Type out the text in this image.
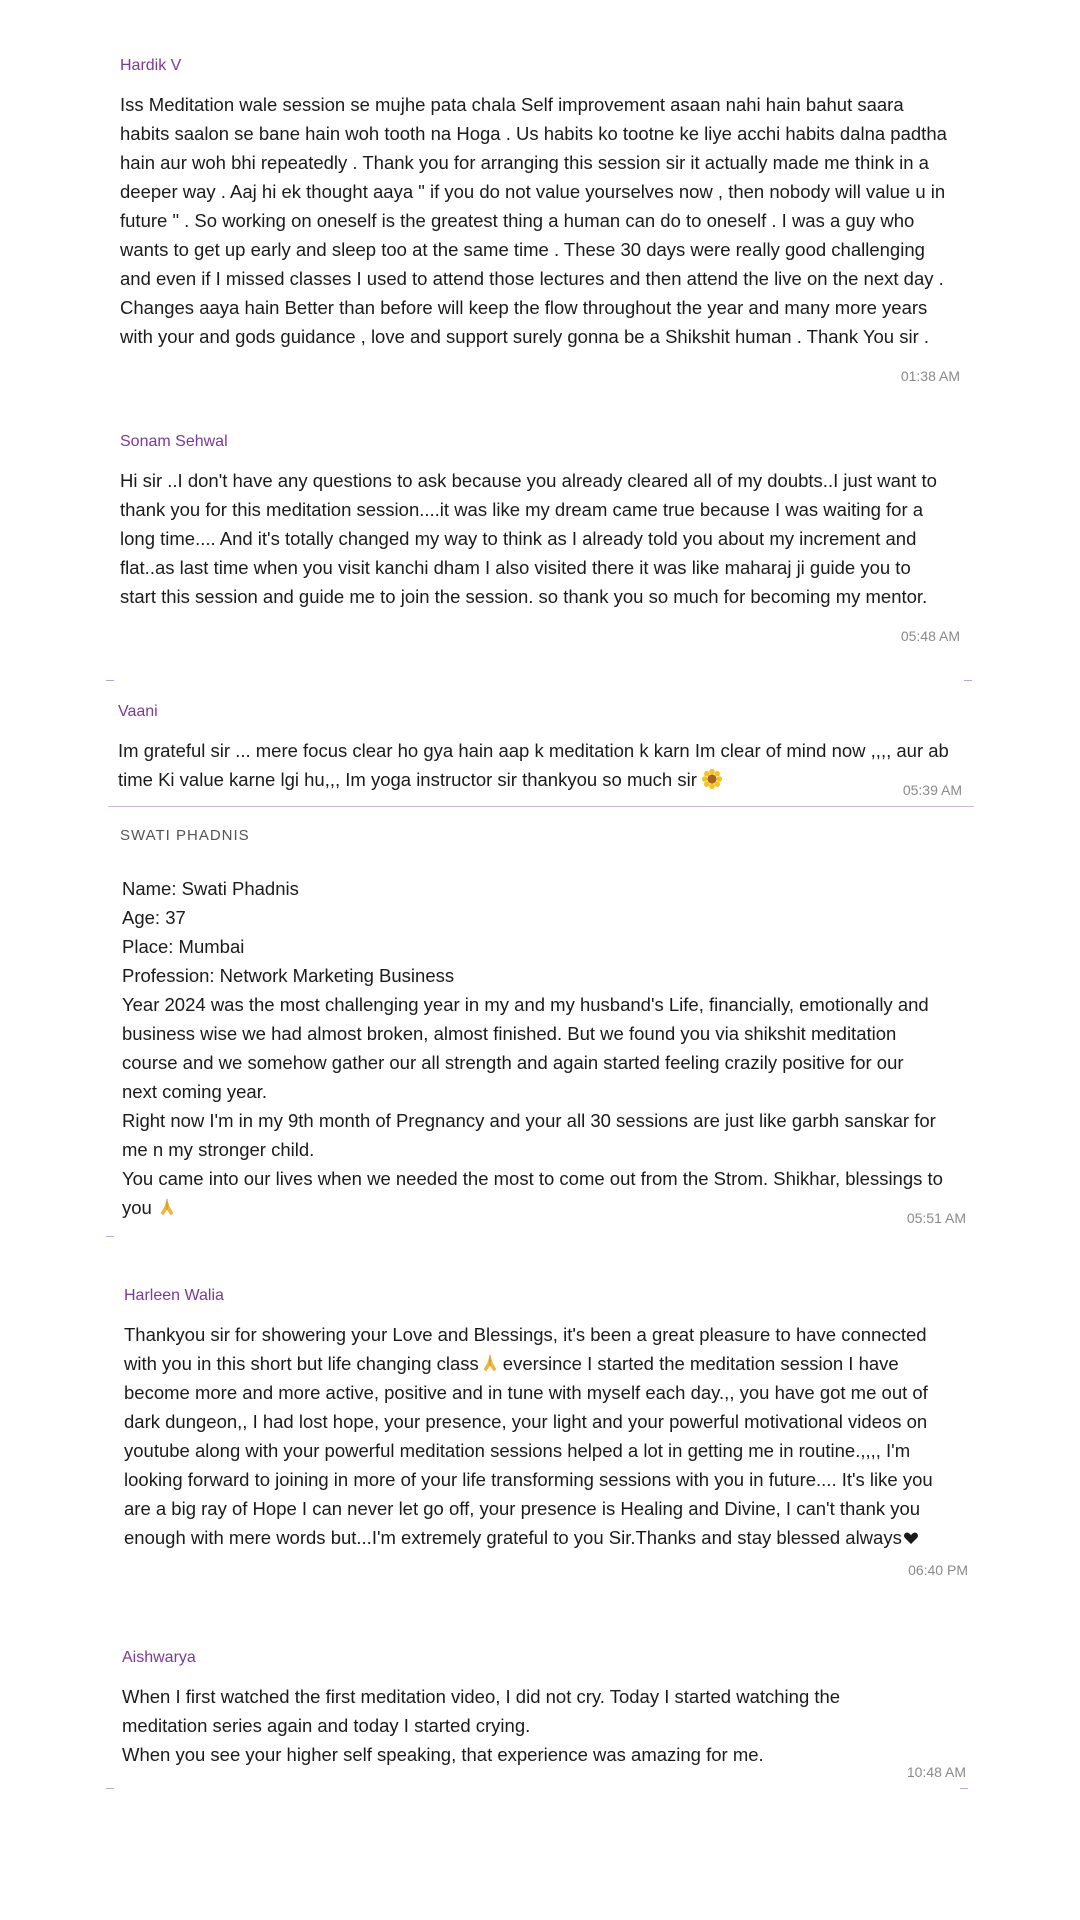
Hardik V
Iss Meditation wale session se mujhe pata chala Self improvement asaan nahi hain bahut saara
habits saalon se bane hain woh tooth na Hoga . Us habits ko tootne ke liye acchi habits dalna padtha
hain aur woh bhi repeatedly . Thank you for arranging this session sir it actually made me think in a
deeper way . Aaj hi ek thought aaya " if you do not value yourselves now , then nobody will value u in
future " . So working on oneself is the greatest thing a human can do to oneself . I was a guy who
wants to get up early and sleep too at the same time . These 30 days were really good challenging
and even if I missed classes I used to attend those lectures and then attend the live on the next day .
Changes aaya hain Better than before will keep the flow throughout the year and many more years
with your and gods guidance , love and support surely gonna be a Shikshit human . Thank You sir .
01:38 AM
Sonam Sehwal
Hi sir ..I don't have any questions to ask because you already cleared all of my doubts..I just want to
thank you for this meditation session....it was like my dream came true because I was waiting for a
long time.... And it's totally changed my way to think as I already told you about my increment and
flat..as last time when you visit kanchi dham I also visited there it was like maharaj ji guide you to
start this session and guide me to join the session. so thank you so much for becoming my mentor.
05:48 AM
Vaani
Im grateful sir ... mere focus clear ho gya hain aap k meditation k karn Im clear of mind now ,,,, aur ab
time Ki value karne lgi hu,,, Im yoga instructor sir thankyou so much sir	05:39 AM
SWATI PHADNIS
Name: Swati Phadnis
Age: 37
Place: Mumbai
Profession: Network Marketing Business
Year 2024 was the most challenging year in my and my husband's Life, financially, emotionally and
business wise we had almost broken, almost finished. But we found you via shikshit meditation
course and we somehow gather our all strength and again started feeling crazily positive for our
next coming year.
Right now I'm in my 9th month of Pregnancy and your all 30 sessions are just like garbh sanskar for
me n my stronger child.
You came into our lives when we needed the most to come out from the Strom. Shikhar, blessings to
you	05:51 AM
Harleen Walia
Thankyou sir for showering your Love and Blessings, it's been a great pleasure to have connected
with you in this short but life changing class eversince I started the meditation session I have
become more and more active, positive and in tune with myself each day.,, you have got me out of
dark dungeon,, I had lost hope, your presence, your light and your powerful motivational videos on
youtube along with your powerful meditation sessions helped a lot in getting me in routine.,,,, I'm
looking forward to joining in more of your life transforming sessions with you in future.... It's like you
are a big ray of Hope I can never let go off, your presence is Healing and Divine, I can't thank you
enough with mere words but...I'm extremely grateful to you Sir.Thanks and stay blessed always
06:40 PM
Aishwarya
When I first watched the first meditation video, I did not cry. Today I started watching the
meditation series again and today I started crying.
When you see your higher self speaking, that experience was amazing for me.
10:48 AM
